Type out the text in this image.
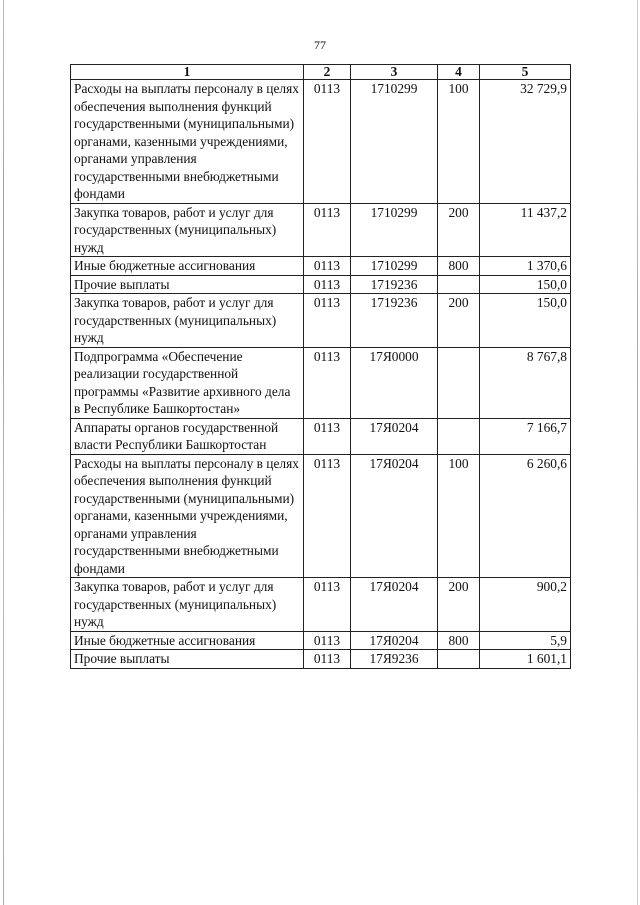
77
1	2	3	4	5
Расходы на выплаты персоналу в целях обеспечения выполнения функций государственными (муниципальными) органами, казенными учреждениями, органами управления государственными внебюджетными фондами	0113	1710299	100	32 729,9
Закупка товаров, работ и услуг для государственных (муниципальных) нужд	0113	1710299	200	11 437,2
Иные бюджетные ассигнования	0113	1710299	800	1 370,6
Прочие выплаты	0113	1719236		150,0
Закупка товаров, работ и услуг для государственных (муниципальных) нужд	0113	1719236	200	150,0
Подпрограмма «Обеспечение реализации государственной программы «Развитие архивного дела в Республике Башкортостан»	0113	17Я0000		8 767,8
Аппараты органов государственной власти Республики Башкортостан	0113	17Я0204		7 166,7
Расходы на выплаты персоналу в целях обеспечения выполнения функций государственными (муниципальными) органами, казенными учреждениями, органами управления государственными внебюджетными фондами	0113	17Я0204	100	6 260,6
Закупка товаров, работ и услуг для государственных (муниципальных) нужд	0113	17Я0204	200	900,2
Иные бюджетные ассигнования	0113	17Я0204	800	5,9
Прочие выплаты	0113	17Я9236		1 601,1
